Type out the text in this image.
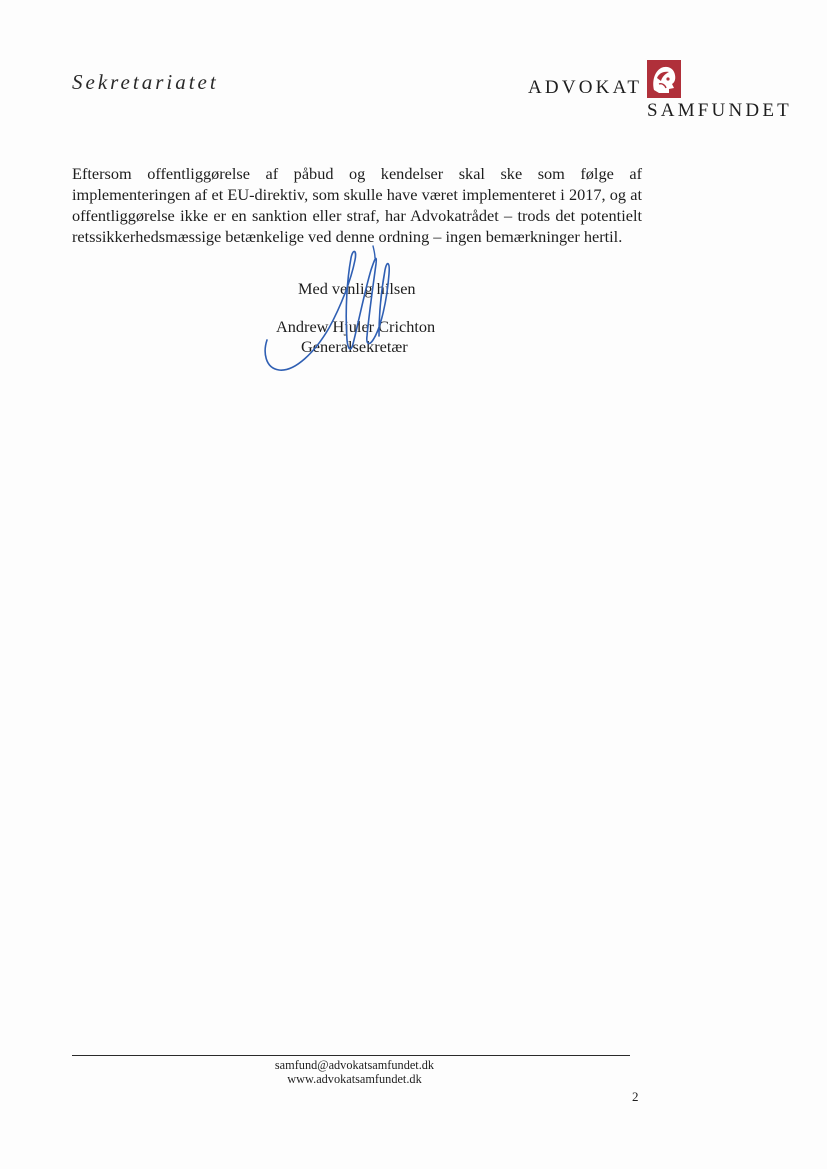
Sekretariatet	ADVOKAT
SAMFUNDET

Eftersom offentliggørelse af påbud og kendelser skal ske som følge af implementeringen af et EU-direktiv, som skulle have været implementeret i 2017, og at offentliggørelse ikke er en sanktion eller straf, har Advokatrådet – trods det potentielt retssikkerhedsmæssige betænkelige ved denne ordning – ingen bemærkninger hertil.

Med venlig hilsen
Andrew Hjuler Crichton
Generalsekretær
samfund@advokatsamfundet.dk
www.advokatsamfundet.dk
2
